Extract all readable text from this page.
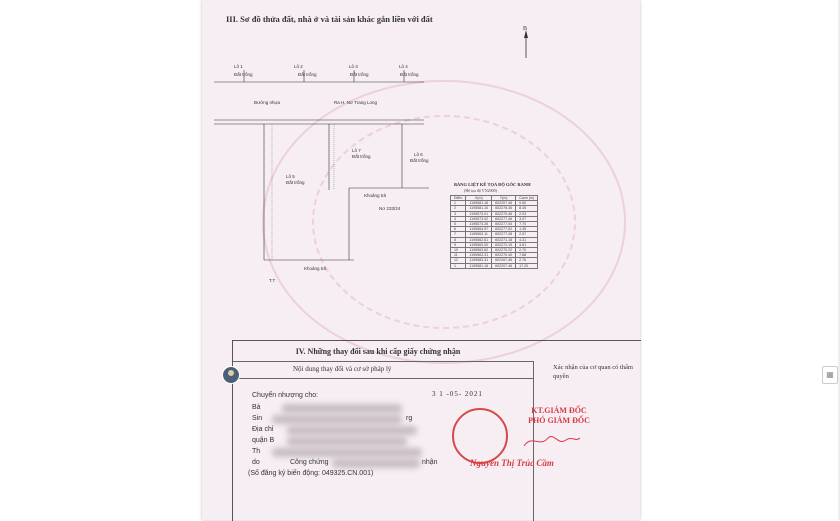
III. Sơ đồ thửa đất, nhà ở và tài sản khác gắn liền với đất
B
Lô 1	Lô 2	Lô 3	Lô 4
Đất trống	Đất trống	Đất trống	Đất trống
Đường nhựa	Ra H. Nơ Trang Long
Lô 5
Đất trống
Lô 7
Đất trống	Lô 6
Đất trống
Khoảng trả
Khoảng trả
Nơ 233/24
T.T
BẢNG LIỆT KÊ TỌA ĐỘ GÓC RANH
(Hệ tọa độ VN2000)
Điểm	X(m)	Y(m)	Cạnh (m)
1	1195581.18	602207.46	0.60
2	1195581.10	602276.46	8.45
3	1195573.01	602279.46	2.03
4	1195573.02	602277.46	3.07
5	1195573.26	602277.54	7.70
6	1195564.97	602277.52	1.35
7	1195563.11	602277.28	2.57
8	1195562.61	602271.18	4.31
9	1195563.00	602272.19	3.81
10	1195563.62	602270.22	2.70
11	1195563.31	602270.40	7.68
12	1195583.31	602267.46	2.76
1	1195581.18	602207.46	17.20
IV. Những thay đổi sau khi cấp giấy chứng nhận
Nội dung thay đổi và cơ sở pháp lý	Xác nhận của cơ quan có thẩm quyền
Chuyển nhượng cho:
Bà
Sin	rg
Địa chỉ
quận B
Th
do	Công chứng	nhận
(Số đăng ký biến động: 049325.CN.001)
3 1 -05- 2021
KT.GIÁM ĐỐC
PHÓ GIÁM ĐỐC
Nguyễn Thị Trúc Cầm
▦
